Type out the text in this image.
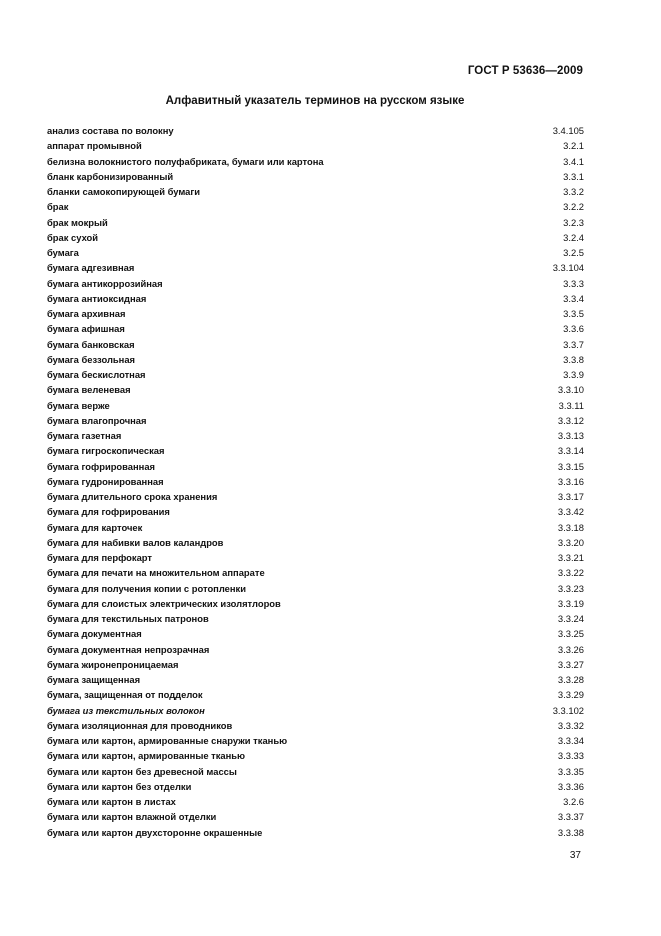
ГОСТ Р 53636—2009
Алфавитный указатель терминов на русском языке
анализ состава по волокну	3.4.105
аппарат промывной	3.2.1
белизна волокнистого полуфабриката, бумаги или картона	3.4.1
бланк карбонизированный	3.3.1
бланки самокопирующей бумаги	3.3.2
брак	3.2.2
брак мокрый	3.2.3
брак сухой	3.2.4
бумага	3.2.5
бумага адгезивная	3.3.104
бумага антикоррозийная	3.3.3
бумага антиоксидная	3.3.4
бумага архивная	3.3.5
бумага афишная	3.3.6
бумага банковская	3.3.7
бумага беззольная	3.3.8
бумага бескислотная	3.3.9
бумага веленевая	3.3.10
бумага верже	3.3.11
бумага влагопрочная	3.3.12
бумага газетная	3.3.13
бумага гигроскопическая	3.3.14
бумага гофрированная	3.3.15
бумага гудронированная	3.3.16
бумага длительного срока хранения	3.3.17
бумага для гофрирования	3.3.42
бумага для карточек	3.3.18
бумага для набивки валов каландров	3.3.20
бумага для перфокарт	3.3.21
бумага для печати на множительном аппарате	3.3.22
бумага для получения копии с ротопленки	3.3.23
бумага для слоистых электрических изолятлоров	3.3.19
бумага для текстильных патронов	3.3.24
бумага документная	3.3.25
бумага документная непрозрачная	3.3.26
бумага жиронепроницаемая	3.3.27
бумага защищенная	3.3.28
бумага, защищенная от подделок	3.3.29
бумага из текстильных волокон	3.3.102
бумага изоляционная для проводников	3.3.32
бумага или картон, армированные снаружи тканью	3.3.34
бумага или картон, армированные тканью	3.3.33
бумага или картон без древесной массы	3.3.35
бумага или картон без отделки	3.3.36
бумага или картон в листах	3.2.6
бумага или картон влажной отделки	3.3.37
бумага или картон двухсторонне окрашенные	3.3.38
37
